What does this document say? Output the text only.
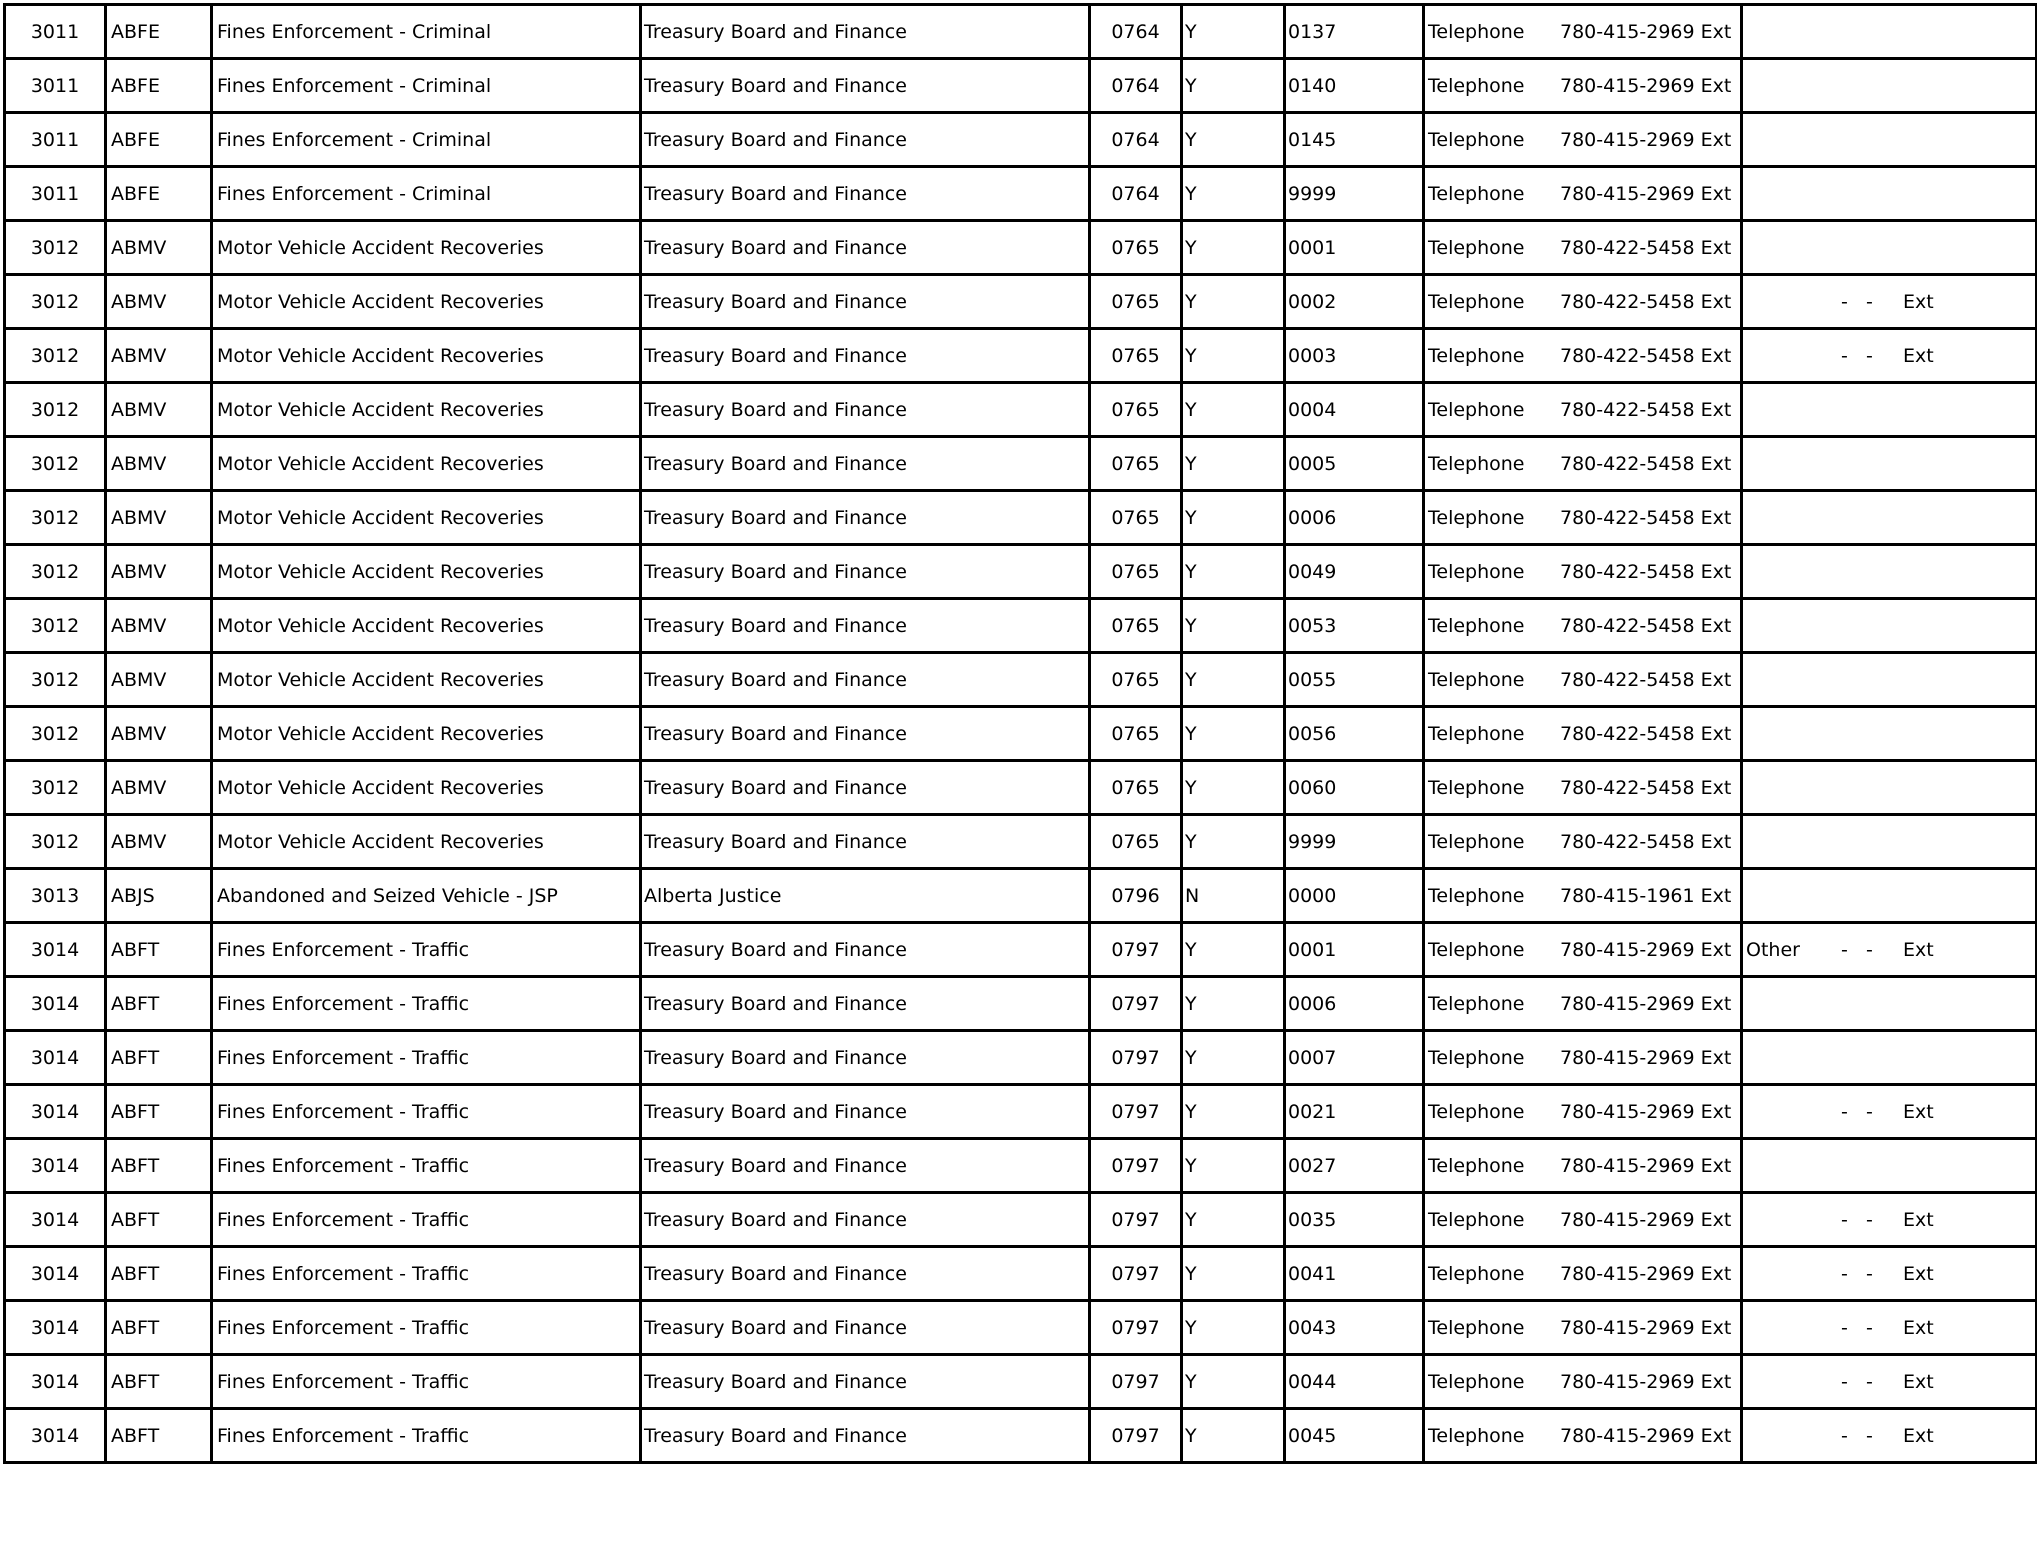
3011	ABFE	Fines Enforcement - Criminal	Treasury Board and Finance	0764	Y	0137	Telephone 780-415-2969 Ext	

3011	ABFE	Fines Enforcement - Criminal	Treasury Board and Finance	0764	Y	0140	Telephone 780-415-2969 Ext	

3011	ABFE	Fines Enforcement - Criminal	Treasury Board and Finance	0764	Y	0145	Telephone 780-415-2969 Ext	

3011	ABFE	Fines Enforcement - Criminal	Treasury Board and Finance	0764	Y	9999	Telephone 780-415-2969 Ext	

3012	ABMV	Motor Vehicle Accident Recoveries	Treasury Board and Finance	0765	Y	0001	Telephone 780-422-5458 Ext	

3012	ABMV	Motor Vehicle Accident Recoveries	Treasury Board and Finance	0765	Y	0002	Telephone 780-422-5458 Ext	-   -     Ext

3012	ABMV	Motor Vehicle Accident Recoveries	Treasury Board and Finance	0765	Y	0003	Telephone 780-422-5458 Ext	-   -     Ext

3012	ABMV	Motor Vehicle Accident Recoveries	Treasury Board and Finance	0765	Y	0004	Telephone 780-422-5458 Ext	

3012	ABMV	Motor Vehicle Accident Recoveries	Treasury Board and Finance	0765	Y	0005	Telephone 780-422-5458 Ext	

3012	ABMV	Motor Vehicle Accident Recoveries	Treasury Board and Finance	0765	Y	0006	Telephone 780-422-5458 Ext	

3012	ABMV	Motor Vehicle Accident Recoveries	Treasury Board and Finance	0765	Y	0049	Telephone 780-422-5458 Ext	

3012	ABMV	Motor Vehicle Accident Recoveries	Treasury Board and Finance	0765	Y	0053	Telephone 780-422-5458 Ext	

3012	ABMV	Motor Vehicle Accident Recoveries	Treasury Board and Finance	0765	Y	0055	Telephone 780-422-5458 Ext	

3012	ABMV	Motor Vehicle Accident Recoveries	Treasury Board and Finance	0765	Y	0056	Telephone 780-422-5458 Ext	

3012	ABMV	Motor Vehicle Accident Recoveries	Treasury Board and Finance	0765	Y	0060	Telephone 780-422-5458 Ext	

3012	ABMV	Motor Vehicle Accident Recoveries	Treasury Board and Finance	0765	Y	9999	Telephone 780-422-5458 Ext	

3013	ABJS	Abandoned and Seized Vehicle - JSP	Alberta Justice	0796	N	0000	Telephone 780-415-1961 Ext	

3014	ABFT	Fines Enforcement - Traffic	Treasury Board and Finance	0797	Y	0001	Telephone 780-415-2969 Ext	Other -   -     Ext

3014	ABFT	Fines Enforcement - Traffic	Treasury Board and Finance	0797	Y	0006	Telephone 780-415-2969 Ext	

3014	ABFT	Fines Enforcement - Traffic	Treasury Board and Finance	0797	Y	0007	Telephone 780-415-2969 Ext	

3014	ABFT	Fines Enforcement - Traffic	Treasury Board and Finance	0797	Y	0021	Telephone 780-415-2969 Ext	-   -     Ext

3014	ABFT	Fines Enforcement - Traffic	Treasury Board and Finance	0797	Y	0027	Telephone 780-415-2969 Ext	

3014	ABFT	Fines Enforcement - Traffic	Treasury Board and Finance	0797	Y	0035	Telephone 780-415-2969 Ext	-   -     Ext

3014	ABFT	Fines Enforcement - Traffic	Treasury Board and Finance	0797	Y	0041	Telephone 780-415-2969 Ext	-   -     Ext

3014	ABFT	Fines Enforcement - Traffic	Treasury Board and Finance	0797	Y	0043	Telephone 780-415-2969 Ext	-   -     Ext

3014	ABFT	Fines Enforcement - Traffic	Treasury Board and Finance	0797	Y	0044	Telephone 780-415-2969 Ext	-   -     Ext

3014	ABFT	Fines Enforcement - Traffic	Treasury Board and Finance	0797	Y	0045	Telephone 780-415-2969 Ext	-   -     Ext
